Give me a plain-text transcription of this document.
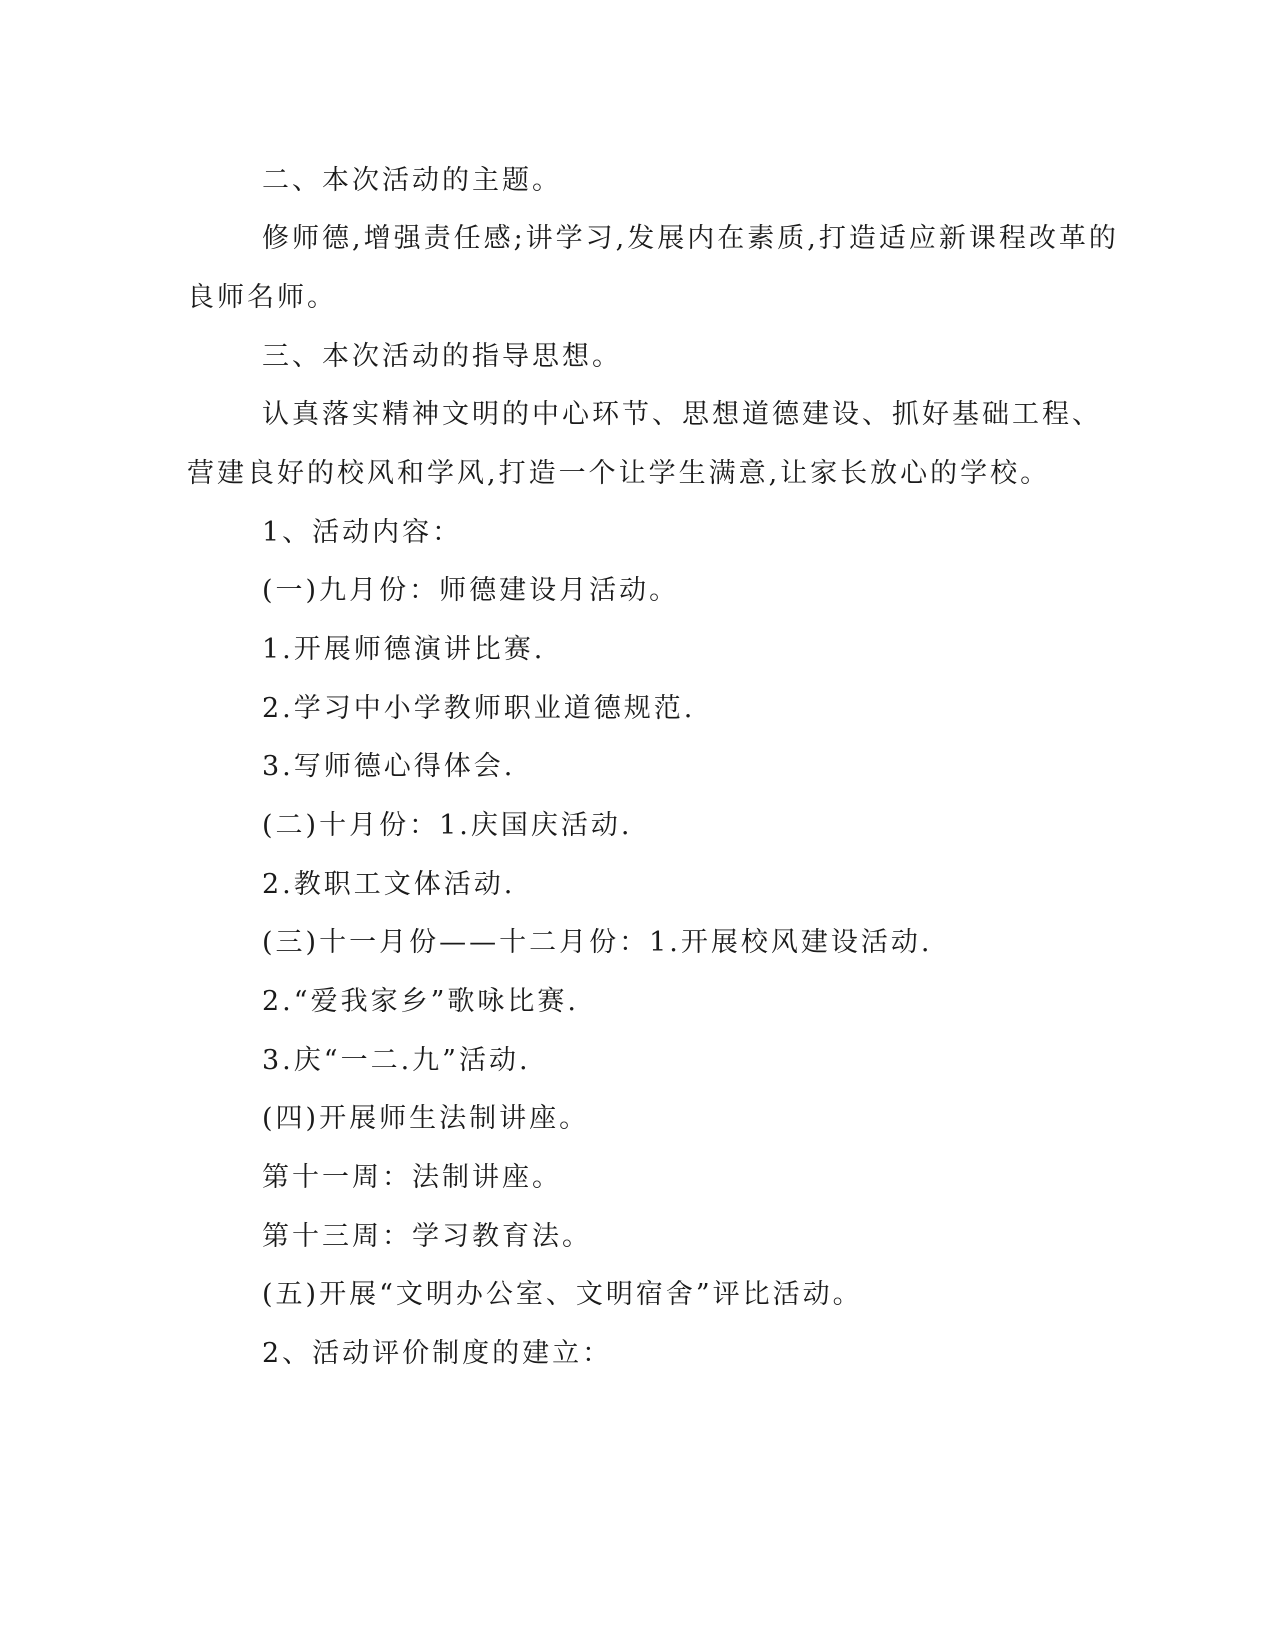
二、本次活动的主题。
修师德,增强责任感;讲学习,发展内在素质,打造适应新课程改革的
良师名师。
三、本次活动的指导思想。
认真落实精神文明的中心环节、思想道德建设、抓好基础工程、
营建良好的校风和学风,打造一个让学生满意,让家长放心的学校。
1、活动内容：
(一)九月份：师德建设月活动。
1.开展师德演讲比赛.
2.学习中小学教师职业道德规范.
3.写师德心得体会.
(二)十月份：1.庆国庆活动.
2.教职工文体活动.
(三)十一月份——十二月份：1.开展校风建设活动.
2.“爱我家乡”歌咏比赛.
3.庆“一二.九”活动.
(四)开展师生法制讲座。
第十一周：法制讲座。
第十三周：学习教育法。
(五)开展“文明办公室、文明宿舍”评比活动。
2、活动评价制度的建立：
